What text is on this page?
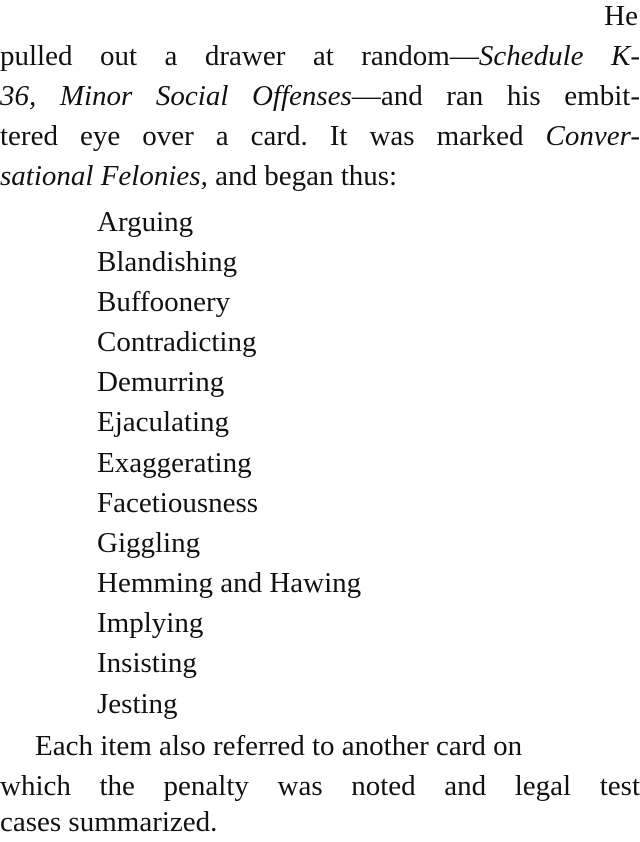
He
pulled out a drawer at random—Schedule K-
36, Minor Social Offenses—and ran his embit-
tered eye over a card. It was marked Conver-
sational Felonies, and began thus:
Arguing
Blandishing
Buffoonery
Contradicting
Demurring
Ejaculating
Exaggerating
Facetiousness
Giggling
Hemming and Hawing
Implying
Insisting
Jesting
Each item also referred to another card on
which the penalty was noted and legal test
cases summarized.
